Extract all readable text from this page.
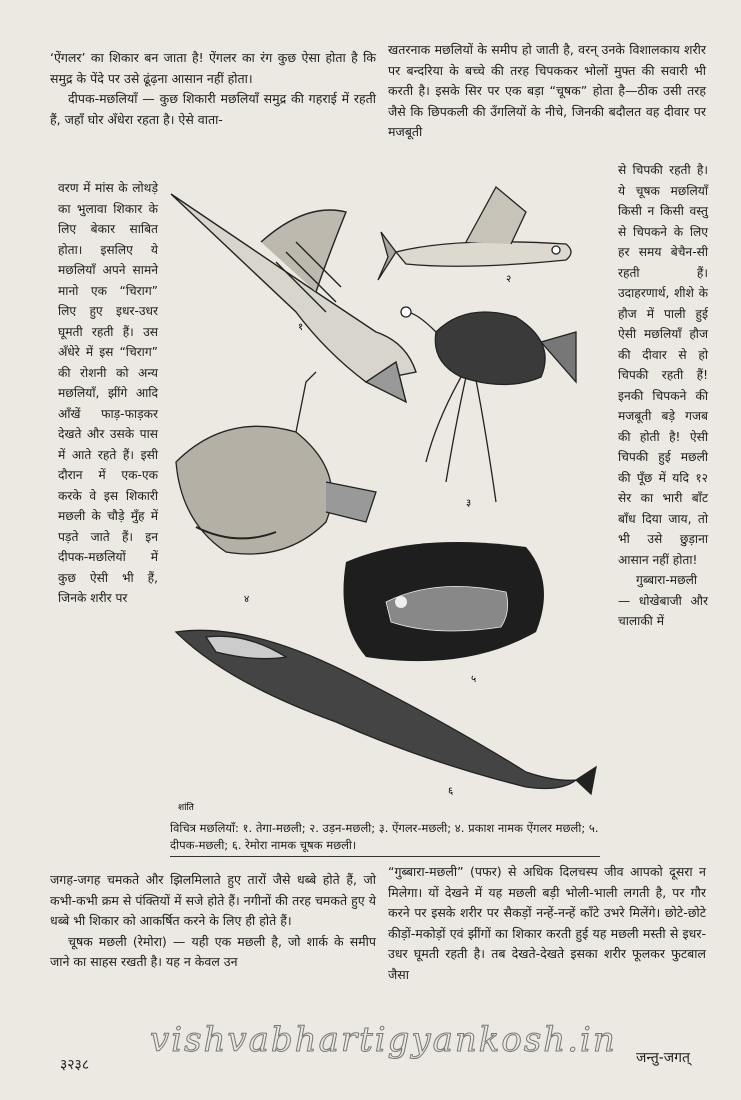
‘ऐंगलर’ का शिकार बन जाता है! ऐंगलर का रंग कुछ ऐसा होता है कि समुद्र के पेंदे पर उसे ढूंढ़ना आसान नहीं होता।

दीपक-मछलियाँ — कुछ शिकारी मछलियाँ समुद्र की गहराई में रहती हैं, जहाँ घोर अँधेरा रहता है। ऐसे वाता-

वरण में मांस के लोथड़े का भुलावा शिकार के लिए बेकार साबित होता। इसलिए ये मछलियाँ अपने सामने मानो एक “चिराग” लिए हुए इधर-उधर घूमती रहती हैं। उस अँधेरे में इस “चिराग” की रोशनी को अन्य मछलियाँ, झींगे आदि आँखें फाड़-फाड़कर देखते और उसके पास में आते रहते हैं। इसी दौरान में एक-एक करके वे इस शिकारी मछली के चौड़े मुँह में पड़ते जाते हैं। इन दीपक-मछलियों में कुछ ऐसी भी हैं, जिनके शरीर पर

खतरनाक मछलियों के समीप हो जाती है, वरन् उनके विशालकाय शरीर पर बन्दरिया के बच्चे की तरह चिपककर भोलों मुफ्त की सवारी भी करती है। इसके सिर पर एक बड़ा “चूषक” होता है—ठीक उसी तरह जैसे कि छिपकली की उँगलियों के नीचे, जिनकी बदौलत वह दीवार पर मजबूती

से चिपकी रहती है। ये चूषक मछलियाँ किसी न किसी वस्तु से चिपकने के लिए हर समय बेचैन-सी रहती हैं। उदाहरणार्थ, शीशे के हौज में पाली हुई ऐसी मछलियाँ हौज की दीवार से हो चिपकी रहती हैं! इनकी चिपकने की मजबूती बड़े गजब की होती है! ऐसी चिपकी हुई मछली की पूँछ में यदि १२ सेर का भारी बाँट बाँध दिया जाय, तो भी उसे छुड़ाना आसान नहीं होता!

गुब्बारा-मछली — धोखेबाजी और चालाकी में

१
२
३
४
५
६
शांति
विचित्र मछलियाँ: १. तेगा-मछली; २. उड़न-मछली; ३. ऐंगलर-मछली; ४. प्रकाश नामक ऐंगलर मछली; ५. दीपक-मछली; ६. रेमोरा नामक चूषक मछली।

जगह-जगह चमकते और झिलमिलाते हुए तारों जैसे धब्बे होते हैं, जो कभी-कभी क्रम से पंक्तियों में सजे होते हैं। नगीनों की तरह चमकते हुए ये धब्बे भी शिकार को आकर्षित करने के लिए ही होते हैं।

चूषक मछली (रेमोरा) — यही एक मछली है, जो शार्क के समीप जाने का साहस रखती है। यह न केवल उन

“गुब्बारा-मछली” (पफर) से अधिक दिलचस्प जीव आपको दूसरा न मिलेगा। यों देखने में यह मछली बड़ी भोली-भाली लगती है, पर गौर करने पर इसके शरीर पर सैकड़ों नन्हें-नन्हें काँटे उभरे मिलेंगे। छोटे-छोटे कीड़ों-मकोड़ों एवं झींगों का शिकार करती हुई यह मछली मस्ती से इधर-उधर घूमती रहती है। तब देखते-देखते इसका शरीर फूलकर फुटबाल जैसा

vishvabhartigyankosh.in
३२३८	जन्तु-जगत्
